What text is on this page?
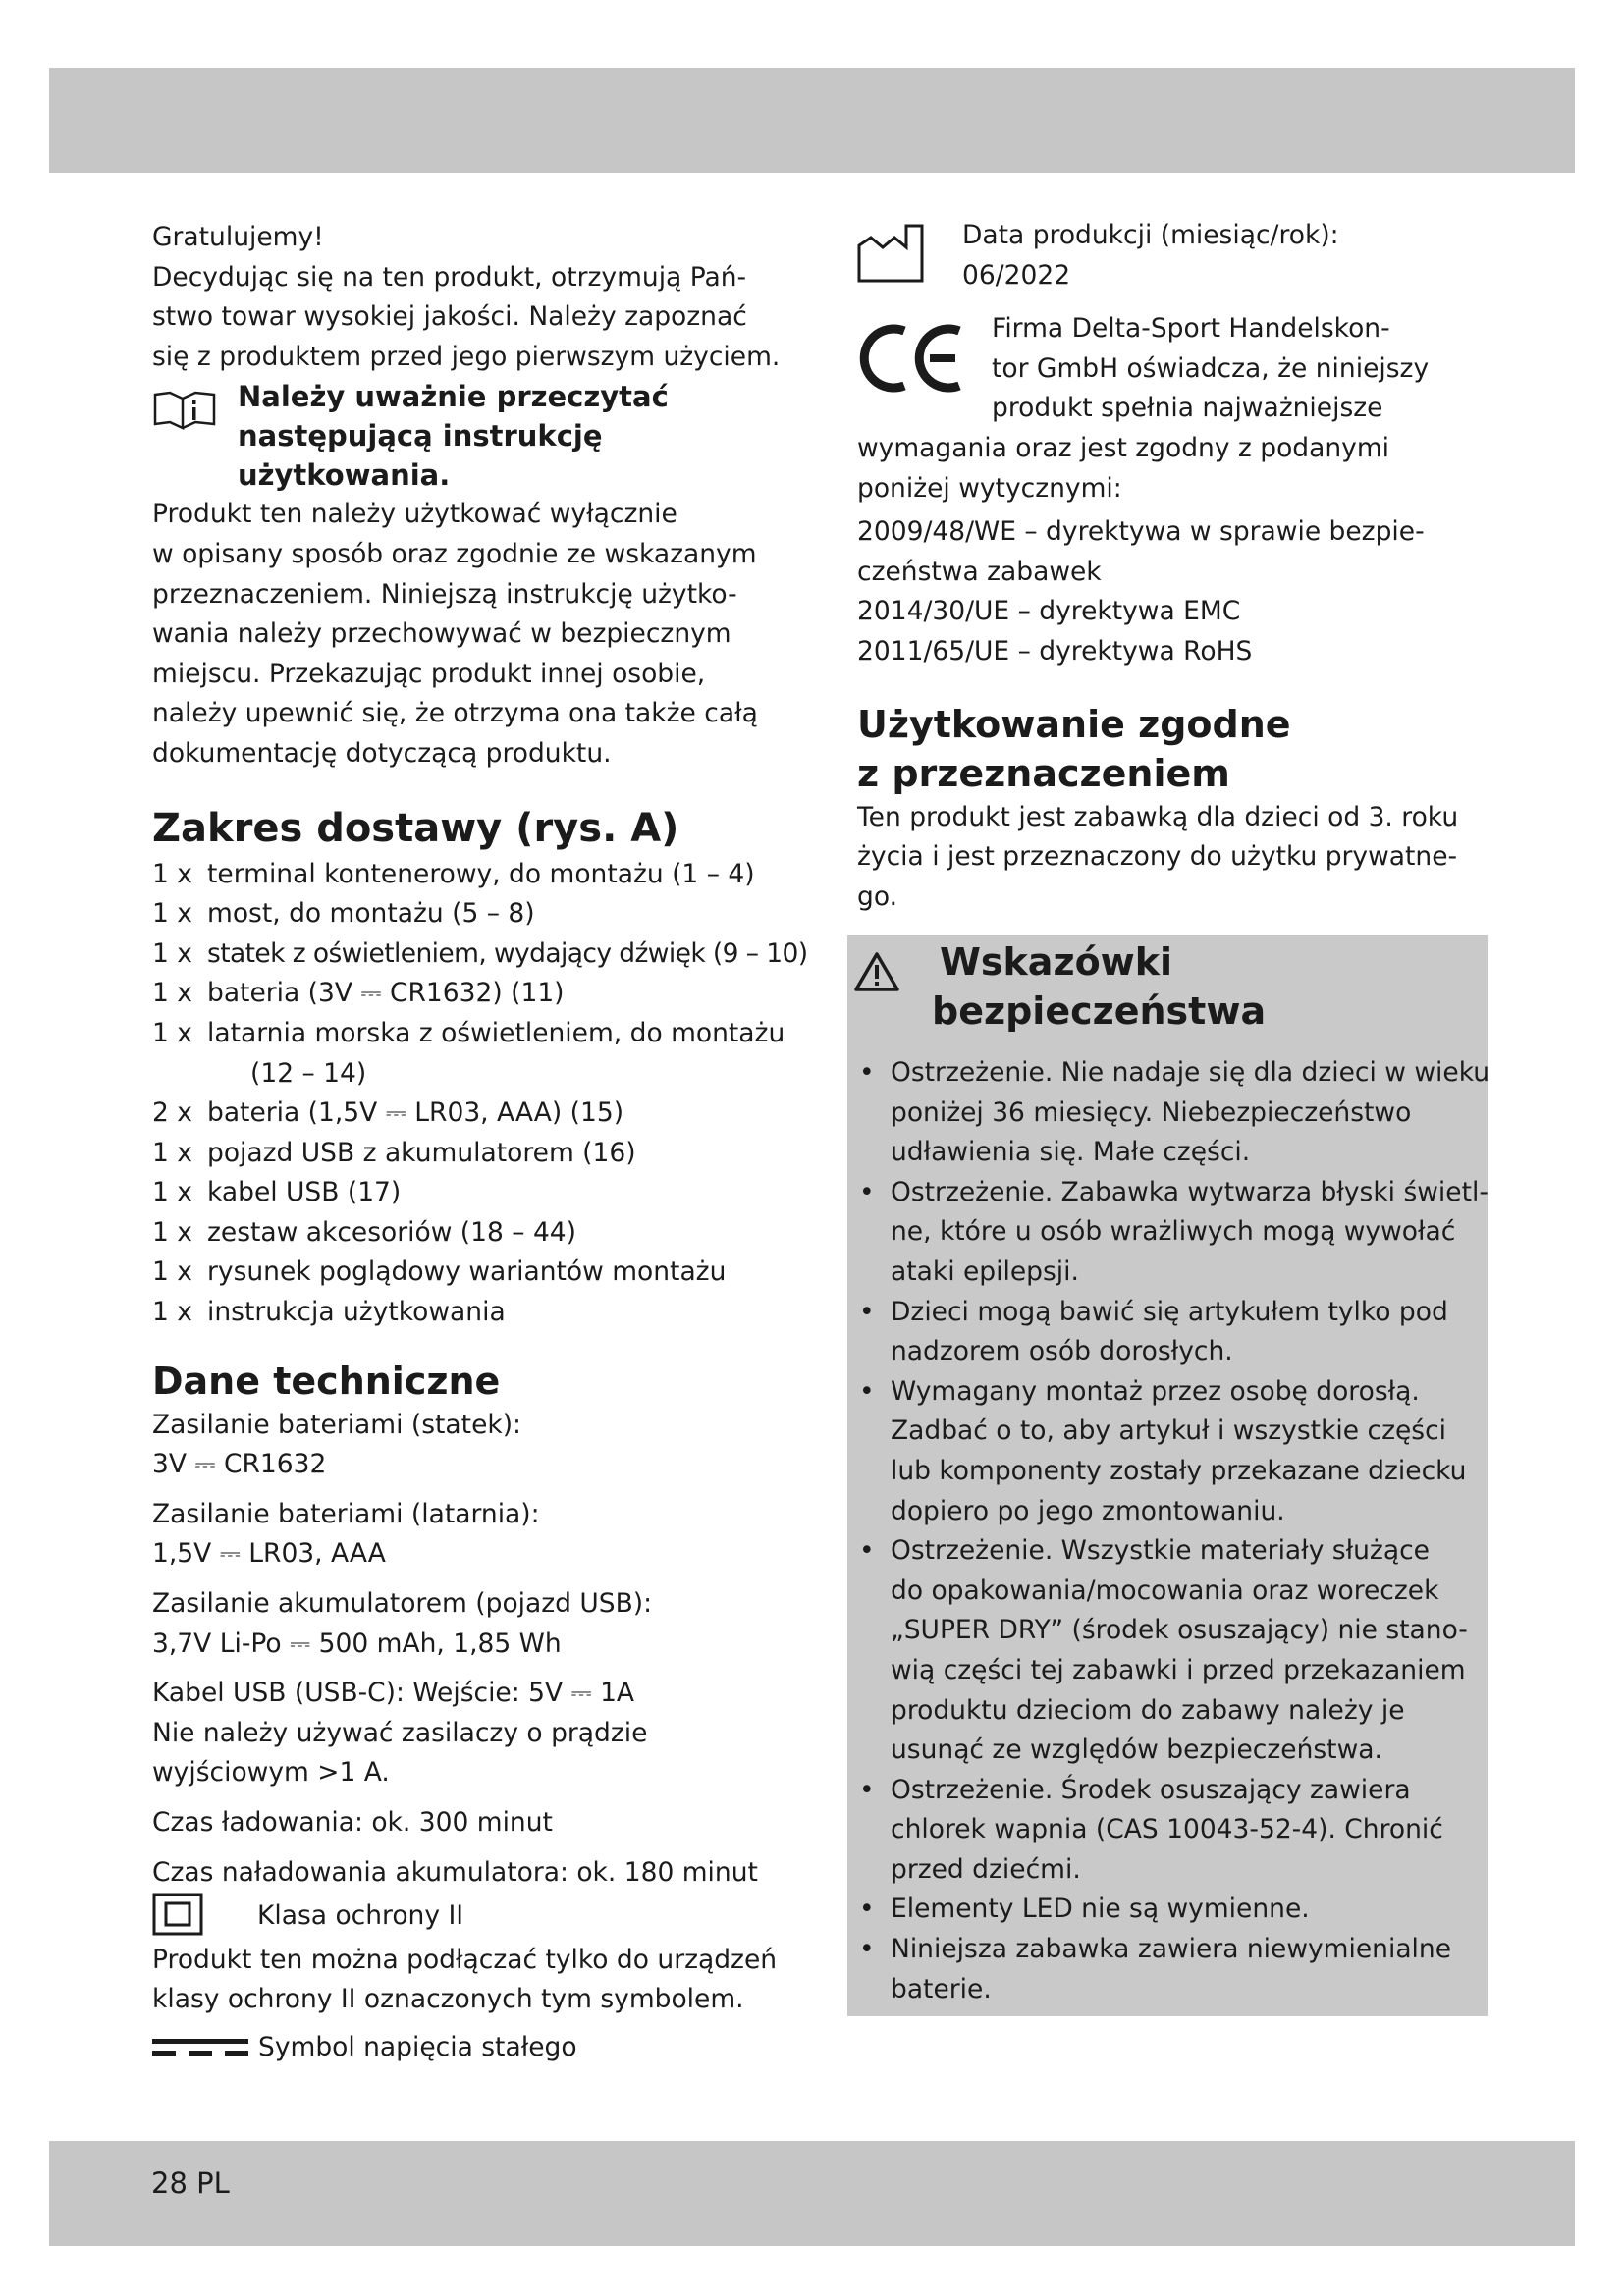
28 PL

Gratulujemy!

Decydując się na ten produkt, otrzymują Pań-
stwo towar wysokiej jakości. Należy zapoznać
się z produktem przed jego pierwszym użyciem.

Należy uważnie przeczytać
następującą instrukcję
użytkowania.

Produkt ten należy użytkować wyłącznie
w opisany sposób oraz zgodnie ze wskazanym
przeznaczeniem. Niniejszą instrukcję użytko-
wania należy przechowywać w bezpiecznym
miejscu. Przekazując produkt innej osobie,
należy upewnić się, że otrzyma ona także całą
dokumentację dotyczącą produktu.

Zakres dostawy (rys. A)
1 x terminal kontenerowy, do montażu (1 – 4)
1 x most, do montażu (5 – 8)
1 x statek z oświetleniem, wydający dźwięk (9 – 10)
1 x bateria (3V ⎓ CR1632) (11)
1 x latarnia morska z oświetleniem, do montażu
(12 – 14)
2 x bateria (1,5V ⎓ LR03, AAA) (15)
1 x pojazd USB z akumulatorem (16)
1 x kabel USB (17)
1 x zestaw akcesoriów (18 – 44)
1 x rysunek poglądowy wariantów montażu
1 x instrukcja użytkowania
Dane techniczne

Zasilanie bateriami (statek):

3V ⎓ CR1632

Zasilanie bateriami (latarnia):

1,5V ⎓ LR03, AAA

Zasilanie akumulatorem (pojazd USB):

3,7V Li-Po ⎓ 500 mAh, 1,85 Wh

Kabel USB (USB-C): Wejście: 5V ⎓ 1A

Nie należy używać zasilaczy o prądzie
wyjściowym >1 A.

Czas ładowania: ok. 300 minut

Czas naładowania akumulatora: ok. 180 minut

Klasa ochrony II

Produkt ten można podłączać tylko do urządzeń
klasy ochrony II oznaczonych tym symbolem.

Symbol napięcia stałego

Data produkcji (miesiąc/rok):

06/2022

Firma Delta-Sport Handelskon-
tor GmbH oświadcza, że niniejszy
produkt spełnia najważniejsze

wymagania oraz jest zgodny z podanymi
poniżej wytycznymi:

2009/48/WE – dyrektywa w sprawie bezpie-
czeństwa zabawek

2014/30/UE – dyrektywa EMC

2011/65/UE – dyrektywa RoHS

Użytkowanie zgodne
z przeznaczeniem

Ten produkt jest zabawką dla dzieci od 3. roku
życia i jest przeznaczony do użytku prywatne-
go.

Wskazówki
bezpieczeństwa
• Ostrzeżenie. Nie nadaje się dla dzieci w wieku
poniżej 36 miesięcy. Niebezpieczeństwo
udławienia się. Małe części.
• Ostrzeżenie. Zabawka wytwarza błyski świetl-
ne, które u osób wrażliwych mogą wywołać
ataki epilepsji.
• Dzieci mogą bawić się artykułem tylko pod
nadzorem osób dorosłych.
• Wymagany montaż przez osobę dorosłą.
Zadbać o to, aby artykuł i wszystkie części
lub komponenty zostały przekazane dziecku
dopiero po jego zmontowaniu.
• Ostrzeżenie. Wszystkie materiały służące
do opakowania/mocowania oraz woreczek
„SUPER DRY” (środek osuszający) nie stano-
wią części tej zabawki i przed przekazaniem
produktu dzieciom do zabawy należy je
usunąć ze względów bezpieczeństwa.
• Ostrzeżenie. Środek osuszający zawiera
chlorek wapnia (CAS 10043-52-4). Chronić
przed dziećmi.
• Elementy LED nie są wymienne.
• Niniejsza zabawka zawiera niewymienialne
baterie.
